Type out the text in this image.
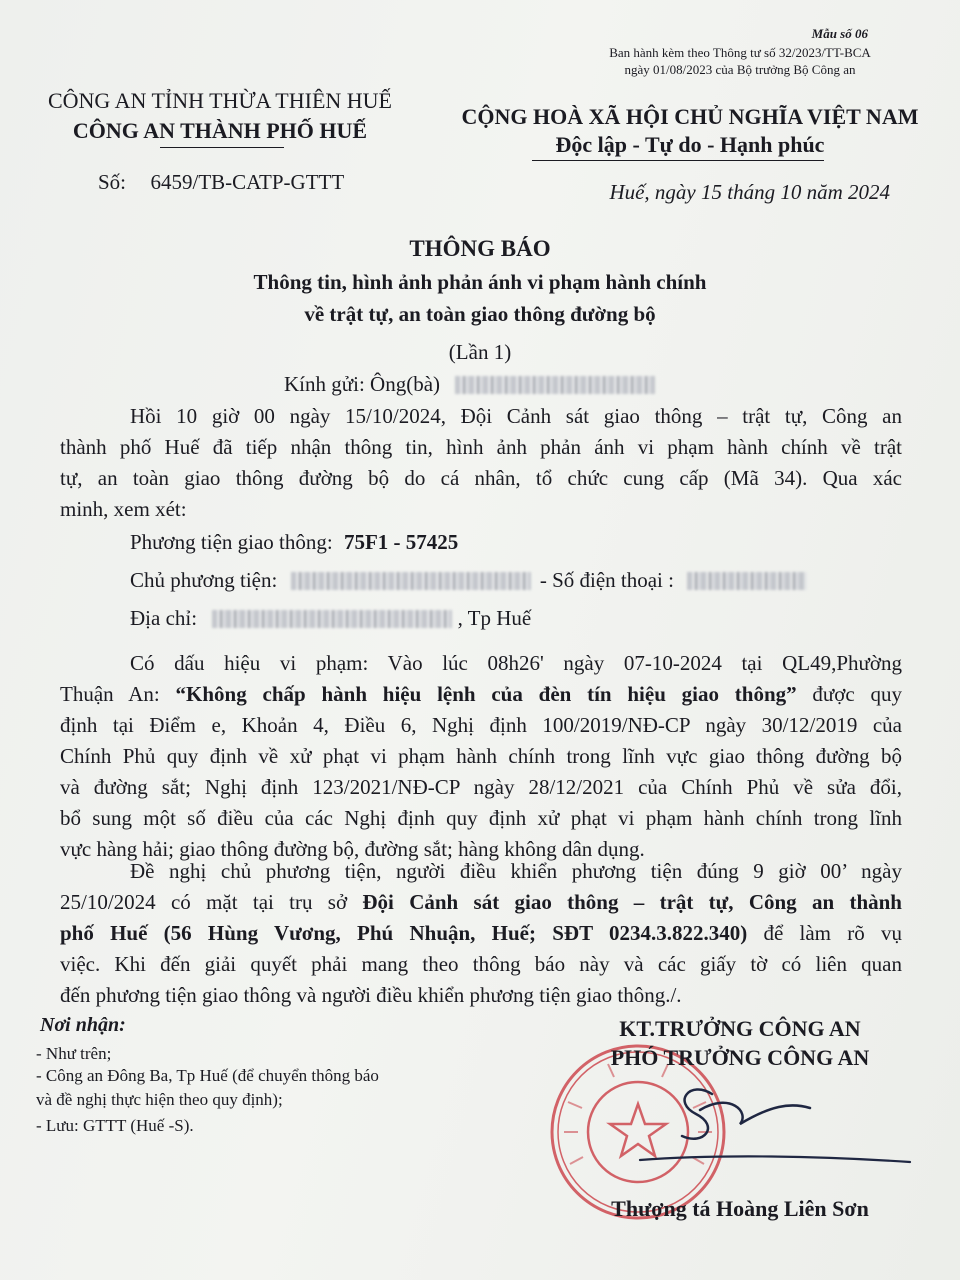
Mẫu số 06
Ban hành kèm theo Thông tư số 32/2023/TT-BCA
ngày 01/08/2023 của Bộ trưởng Bộ Công an
CÔNG AN TỈNH THỪA THIÊN HUẾ
CÔNG AN THÀNH PHỐ HUẾ
Số: 6459/TB-CATP-GTTT
CỘNG HOÀ XÃ HỘI CHỦ NGHĨA VIỆT NAM
Độc lập - Tự do - Hạnh phúc
Huế, ngày 15 tháng 10 năm 2024
THÔNG BÁO
Thông tin, hình ảnh phản ánh vi phạm hành chính
về trật tự, an toàn giao thông đường bộ
(Lần 1)
Kính gửi: Ông(bà)
Hồi 10 giờ 00 ngày 15/10/2024, Đội Cảnh sát giao thông – trật tự, Công an
thành phố Huế đã tiếp nhận thông tin, hình ảnh phản ánh vi phạm hành chính về trật
tự, an toàn giao thông đường bộ do cá nhân, tổ chức cung cấp (Mã 34). Qua xác
minh, xem xét:
Phương tiện giao thông: 75F1 - 57425
Chủ phương tiện:	- Số điện thoại :
Địa chỉ:	, Tp Huế
Có dấu hiệu vi phạm: Vào lúc 08h26' ngày 07-10-2024 tại QL49,Phường
Thuận An: “Không chấp hành hiệu lệnh của đèn tín hiệu giao thông” được quy
định tại Điểm e, Khoản 4, Điều 6, Nghị định 100/2019/NĐ-CP ngày 30/12/2019 của
Chính Phủ quy định về xử phạt vi phạm hành chính trong lĩnh vực giao thông đường bộ
và đường sắt; Nghị định 123/2021/NĐ-CP ngày 28/12/2021 của Chính Phủ về sửa đổi,
bổ sung một số điều của các Nghị định quy định xử phạt vi phạm hành chính trong lĩnh
vực hàng hải; giao thông đường bộ, đường sắt; hàng không dân dụng.
Đề nghị chủ phương tiện, người điều khiển phương tiện đúng 9 giờ 00’ ngày
25/10/2024 có mặt tại trụ sở Đội Cảnh sát giao thông – trật tự, Công an thành
phố Huế (56 Hùng Vương, Phú Nhuận, Huế; SĐT 0234.3.822.340) để làm rõ vụ
việc. Khi đến giải quyết phải mang theo thông báo này và các giấy tờ có liên quan
đến phương tiện giao thông và người điều khiển phương tiện giao thông./.
Nơi nhận:
- Như trên;
- Công an Đông Ba, Tp Huế (để chuyển thông báo
và đề nghị thực hiện theo quy định);
- Lưu: GTTT (Huế -S).
KT.TRƯỞNG CÔNG AN
PHÓ TRƯỞNG CÔNG AN
Thượng tá Hoàng Liên Sơn
